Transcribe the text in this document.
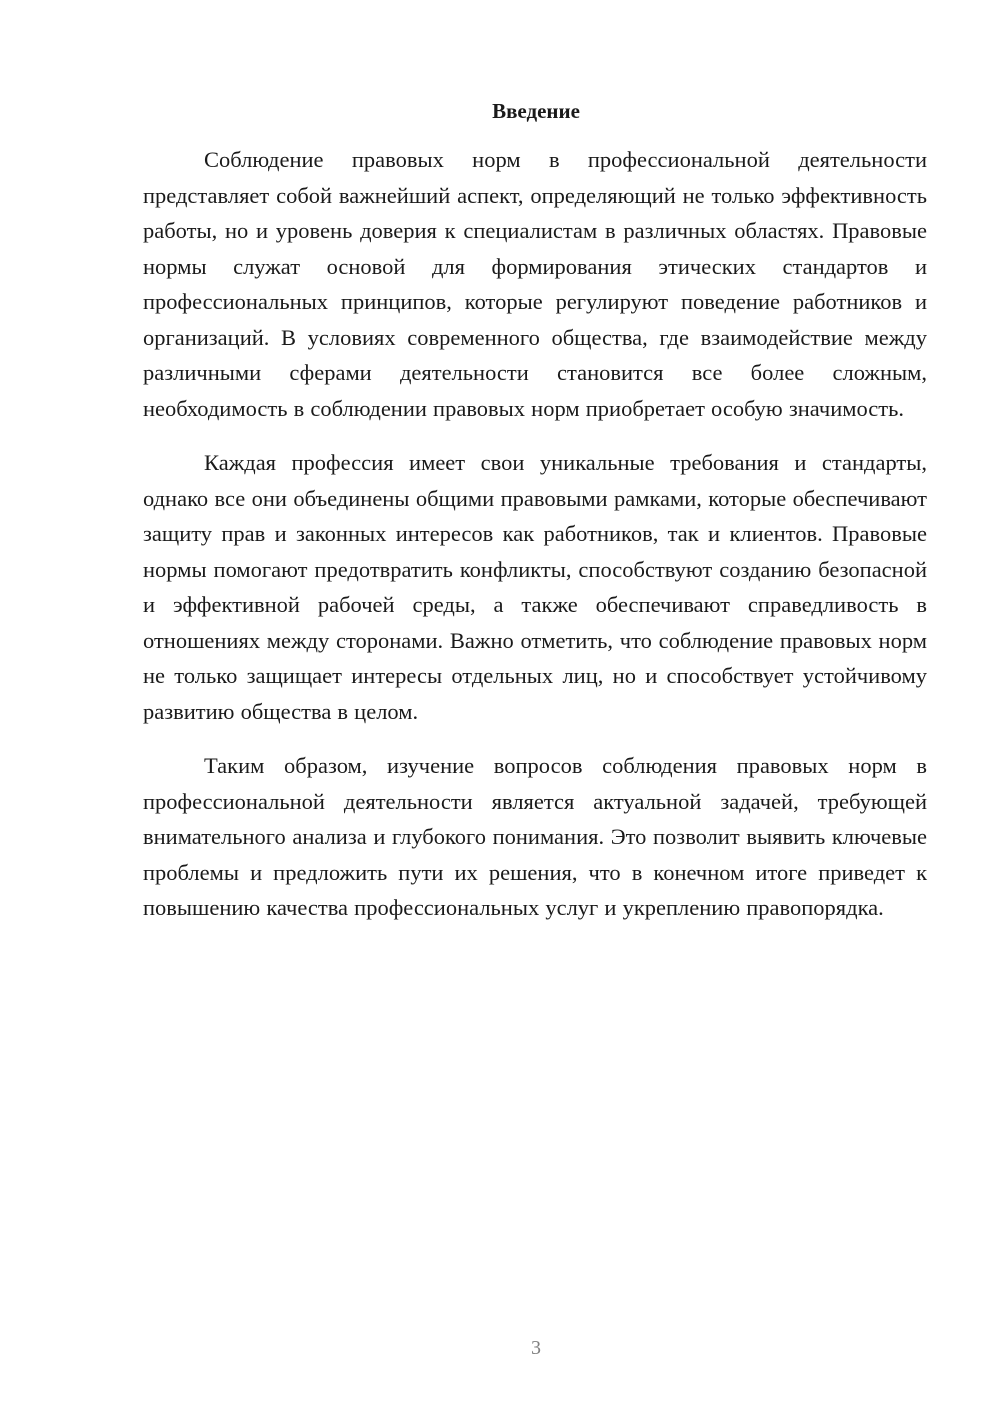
Введение

Соблюдение правовых норм в профессиональной деятельности представляет собой важнейший аспект, определяющий не только эффективность работы, но и уровень доверия к специалистам в различных областях. Правовые нормы служат основой для формирования этических стандартов и профессиональных принципов, которые регулируют поведение работников и организаций. В условиях современного общества, где взаимодействие между различными сферами деятельности становится все более сложным, необходимость в соблюдении правовых норм приобретает особую значимость.

Каждая профессия имеет свои уникальные требования и стандарты, однако все они объединены общими правовыми рамками, которые обеспечивают защиту прав и законных интересов как работников, так и клиентов. Правовые нормы помогают предотвратить конфликты, способствуют созданию безопасной и эффективной рабочей среды, а также обеспечивают справедливость в отношениях между сторонами. Важно отметить, что соблюдение правовых норм не только защищает интересы отдельных лиц, но и способствует устойчивому развитию общества в целом.

Таким образом, изучение вопросов соблюдения правовых норм в профессиональной деятельности является актуальной задачей, требующей внимательного анализа и глубокого понимания. Это позволит выявить ключевые проблемы и предложить пути их решения, что в конечном итоге приведет к повышению качества профессиональных услуг и укреплению правопорядка.

3
